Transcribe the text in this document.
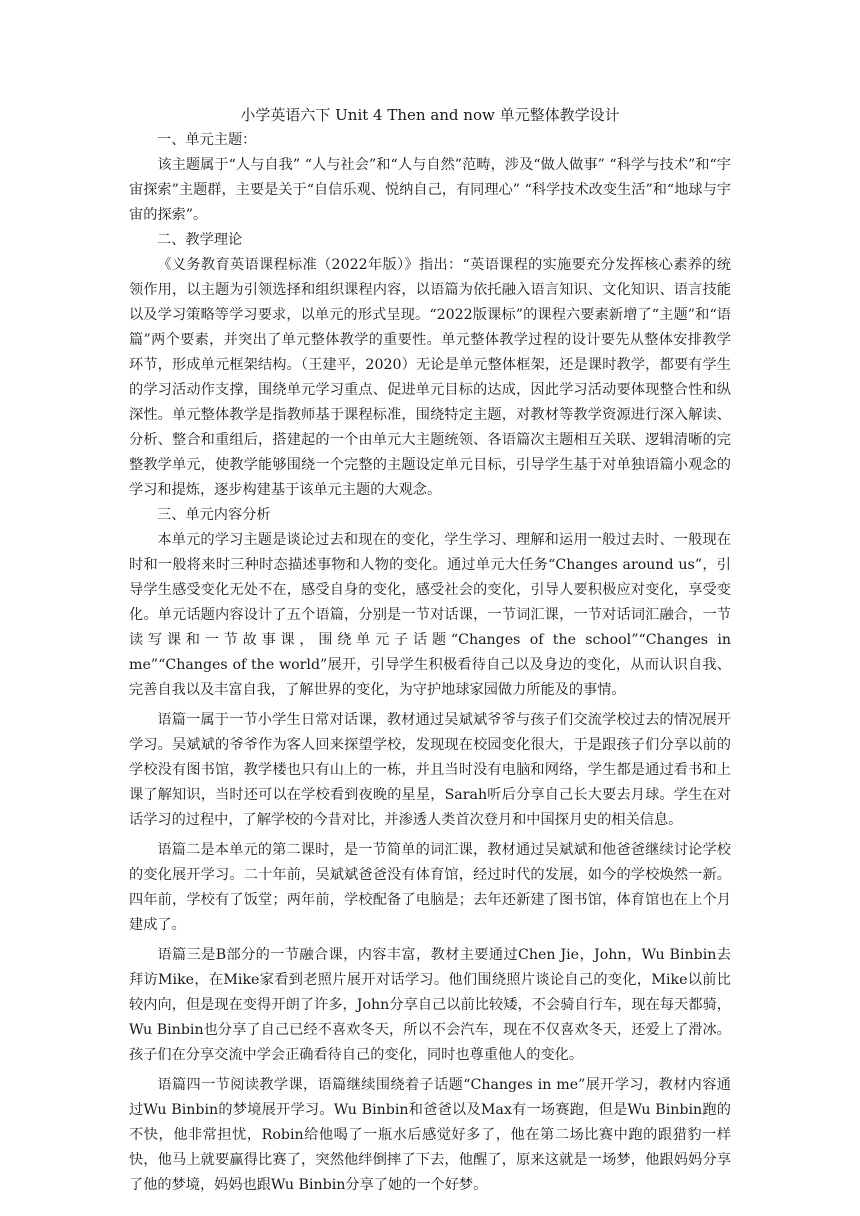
小学英语六下 Unit 4 Then and now 单元整体教学设计

一、单元主题：

该主题属于“人与自我” “人与社会”和“人与自然”范畴，涉及“做人做事” “科学与技术”和“宇宙探索”主题群，主要是关于“自信乐观、悦纳自己，有同理心” “科学技术改变生活”和“地球与宇宙的探索”。

二、教学理论

《义务教育英语课程标准（2022年版）》指出：“英语课程的实施要充分发挥核心素养的统领作用，以主题为引领选择和组织课程内容，以语篇为依托融入语言知识、文化知识、语言技能以及学习策略等学习要求，以单元的形式呈现。“2022版课标”的课程六要素新增了“主题”和“语篇”两个要素，并突出了单元整体教学的重要性。单元整体教学过程的设计要先从整体安排教学环节，形成单元框架结构。（王建平，2020）无论是单元整体框架，还是课时教学，都要有学生的学习活动作支撑，围绕单元学习重点、促进单元目标的达成，因此学习活动要体现整合性和纵深性。单元整体教学是指教师基于课程标准，围绕特定主题，对教材等教学资源进行深入解读、分析、整合和重组后，搭建起的一个由单元大主题统领、各语篇次主题相互关联、逻辑清晰的完整教学单元，使教学能够围绕一个完整的主题设定单元目标，引导学生基于对单独语篇小观念的学习和提炼，逐步构建基于该单元主题的大观念。

三、单元内容分析

本单元的学习主题是谈论过去和现在的变化，学生学习、理解和运用一般过去时、一般现在时和一般将来时三种时态描述事物和人物的变化。通过单元大任务“Changes around us”，引导学生感受变化无处不在，感受自身的变化，感受社会的变化，引导人要积极应对变化，享受变化。单元话题内容设计了五个语篇，分别是一节对话课，一节词汇课，一节对话词汇融合，一节读写课和一节故事课，围绕单元子话题“Changes of the school”“Changes in me”“Changes of the world”展开，引导学生积极看待自己以及身边的变化，从而认识自我、完善自我以及丰富自我，了解世界的变化，为守护地球家园做力所能及的事情。

语篇一属于一节小学生日常对话课，教材通过吴斌斌爷爷与孩子们交流学校过去的情况展开学习。吴斌斌的爷爷作为客人回来探望学校，发现现在校园变化很大，于是跟孩子们分享以前的学校没有图书馆，教学楼也只有山上的一栋，并且当时没有电脑和网络，学生都是通过看书和上课了解知识，当时还可以在学校看到夜晚的星星，Sarah听后分享自己长大要去月球。学生在对话学习的过程中，了解学校的今昔对比，并渗透人类首次登月和中国探月史的相关信息。

语篇二是本单元的第二课时，是一节简单的词汇课，教材通过吴斌斌和他爸爸继续讨论学校的变化展开学习。二十年前，吴斌斌爸爸没有体育馆，经过时代的发展，如今的学校焕然一新。四年前，学校有了饭堂；两年前，学校配备了电脑是；去年还新建了图书馆，体育馆也在上个月建成了。

语篇三是B部分的一节融合课，内容丰富，教材主要通过Chen Jie，John，Wu Binbin去拜访Mike，在Mike家看到老照片展开对话学习。他们围绕照片谈论自己的变化，Mike以前比较内向，但是现在变得开朗了许多，John分享自己以前比较矮，不会骑自行车，现在每天都骑，Wu Binbin也分享了自己已经不喜欢冬天，所以不会汽车，现在不仅喜欢冬天，还爱上了滑冰。孩子们在分享交流中学会正确看待自己的变化，同时也尊重他人的变化。

语篇四一节阅读教学课，语篇继续围绕着子话题“Changes in me”展开学习，教材内容通过Wu Binbin的梦境展开学习。Wu Binbin和爸爸以及Max有一场赛跑，但是Wu Binbin跑的不快，他非常担忧，Robin给他喝了一瓶水后感觉好多了，他在第二场比赛中跑的跟猎豹一样快，他马上就要赢得比赛了，突然他绊倒摔了下去，他醒了，原来这就是一场梦，他跟妈妈分享了他的梦境，妈妈也跟Wu Binbin分享了她的一个好梦。
